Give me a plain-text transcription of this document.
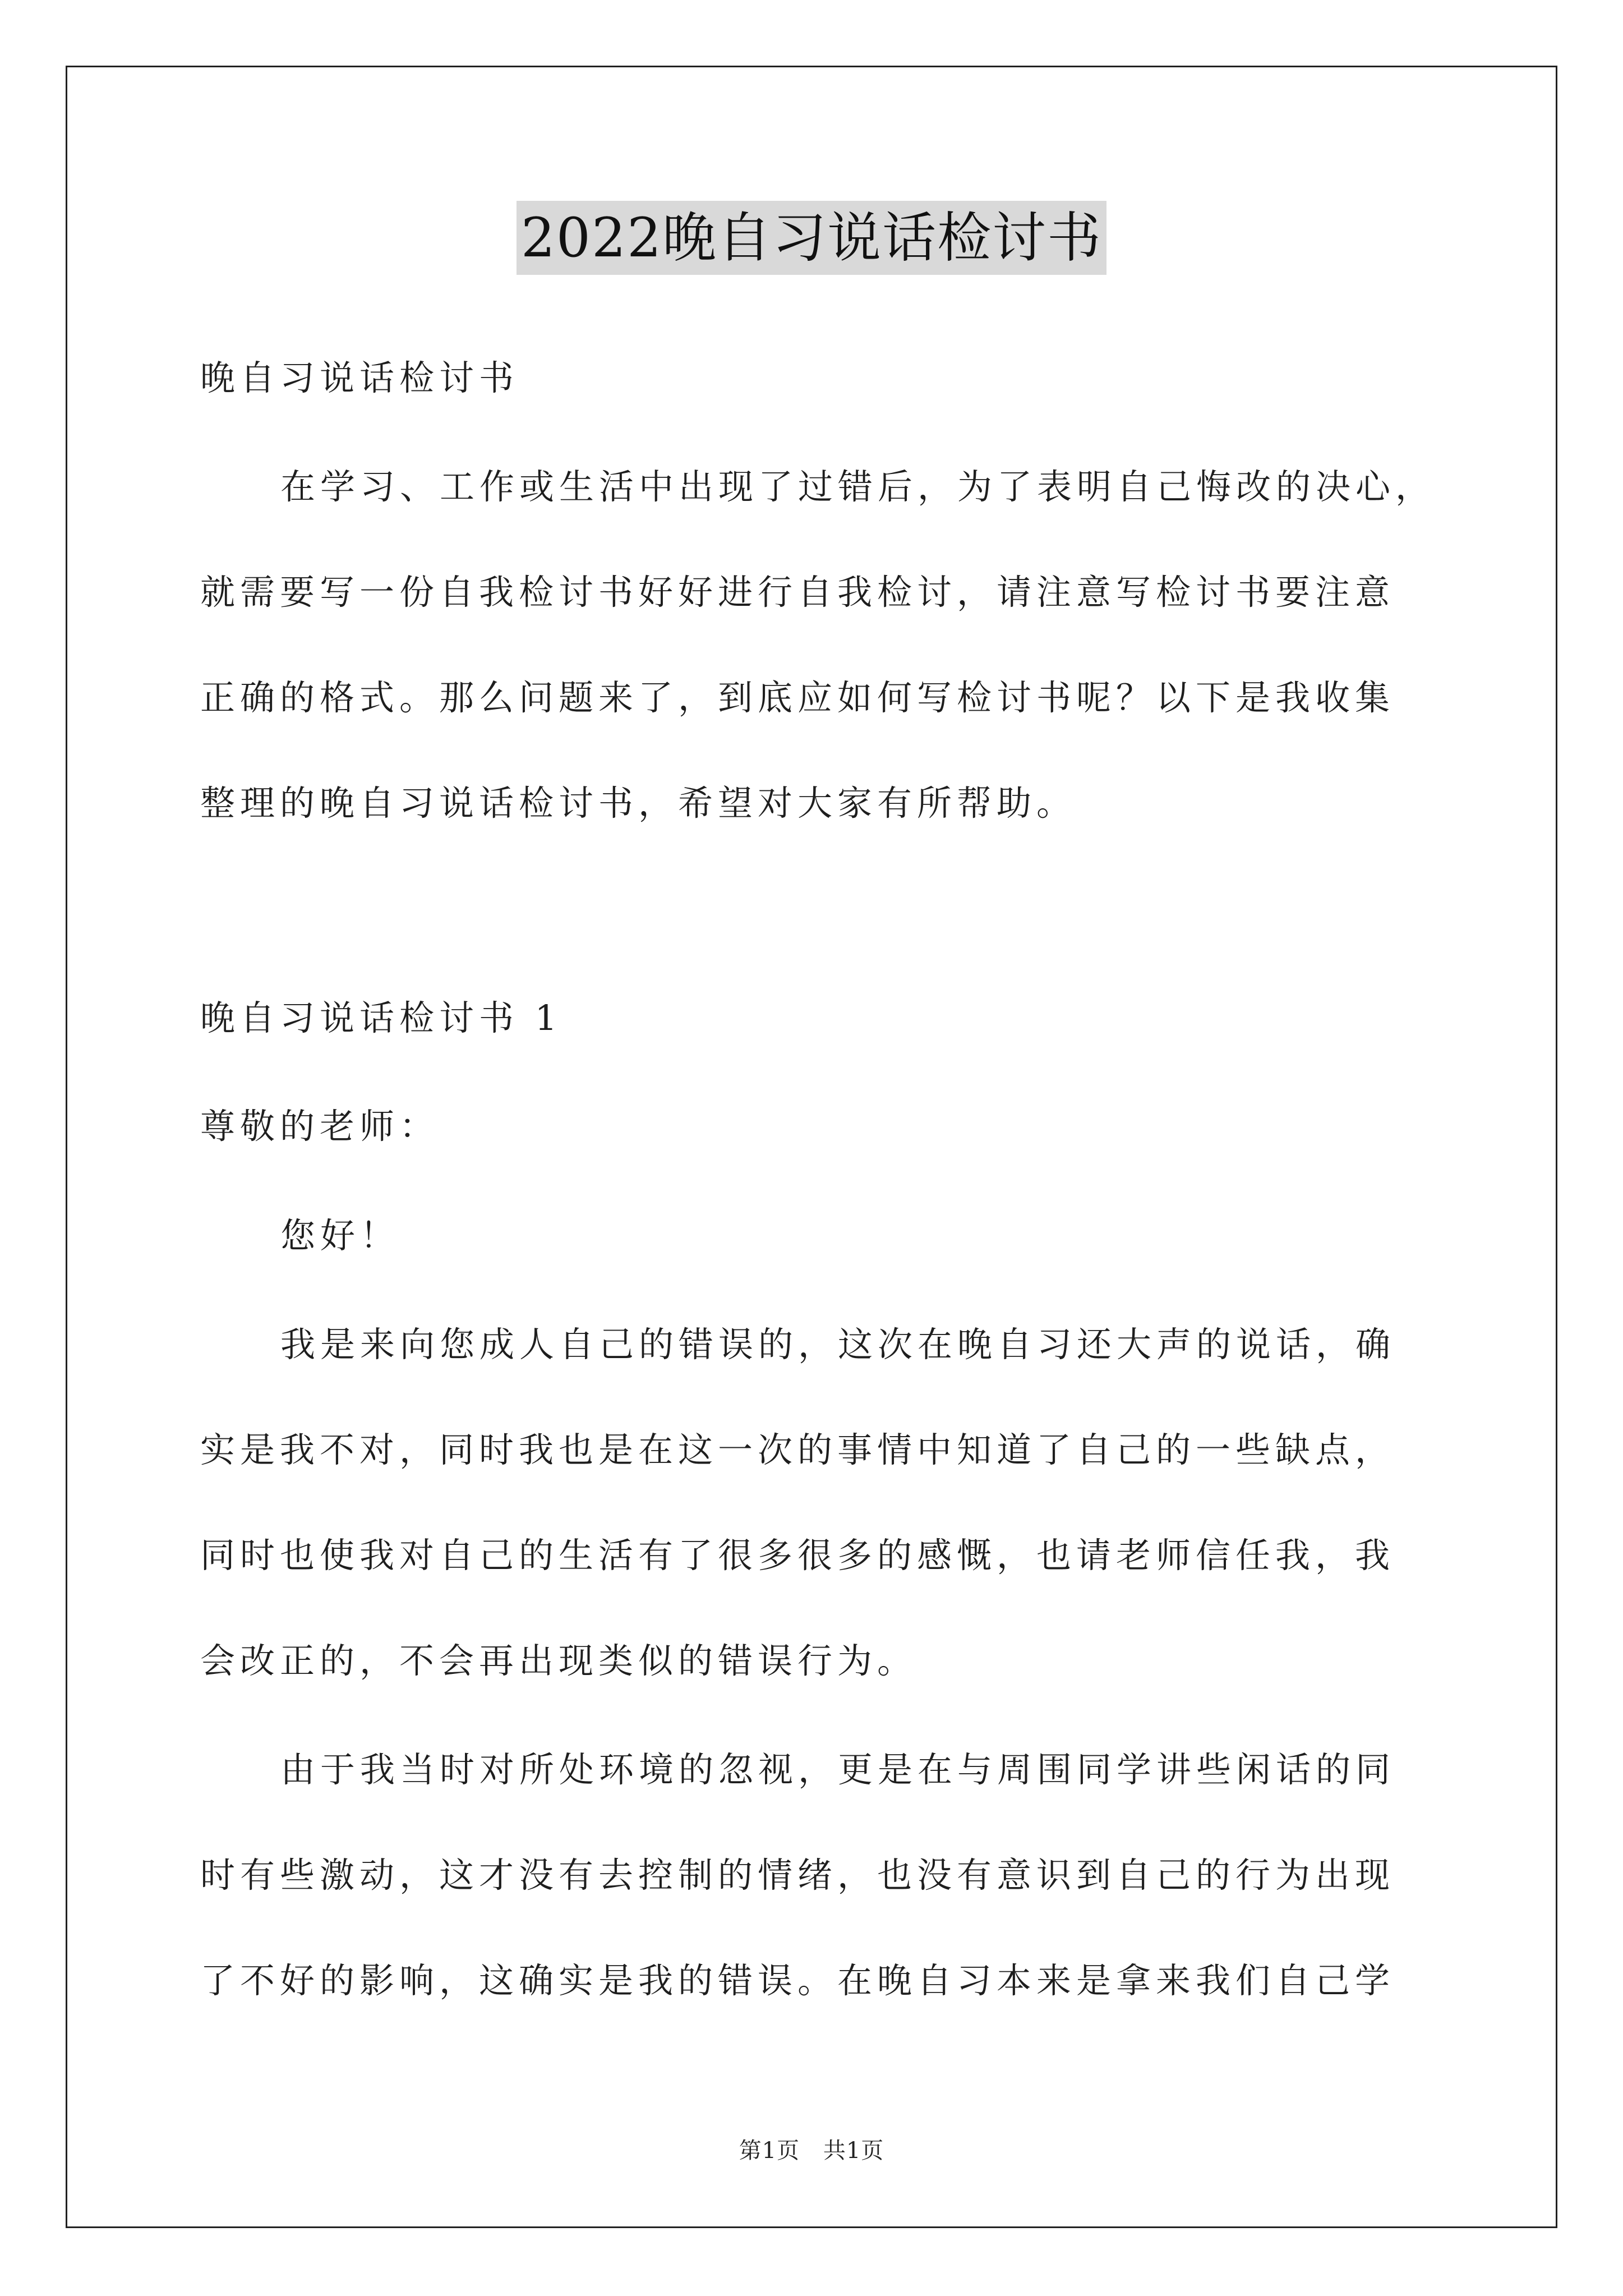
2022晚自习说话检讨书
晚自习说话检讨书
在学习、工作或生活中出现了过错后，为了表明自己悔改的决心，
就需要写一份自我检讨书好好进行自我检讨，请注意写检讨书要注意
正确的格式。那么问题来了，到底应如何写检讨书呢？以下是我收集
整理的晚自习说话检讨书，希望对大家有所帮助。
晚自习说话检讨书 1
尊敬的老师：
您好！
我是来向您成人自己的错误的，这次在晚自习还大声的说话，确
实是我不对，同时我也是在这一次的事情中知道了自己的一些缺点，
同时也使我对自己的生活有了很多很多的感慨，也请老师信任我，我
会改正的，不会再出现类似的错误行为。
由于我当时对所处环境的忽视，更是在与周围同学讲些闲话的同
时有些激动，这才没有去控制的情绪，也没有意识到自己的行为出现
了不好的影响，这确实是我的错误。在晚自习本来是拿来我们自己学
第1页 共1页
